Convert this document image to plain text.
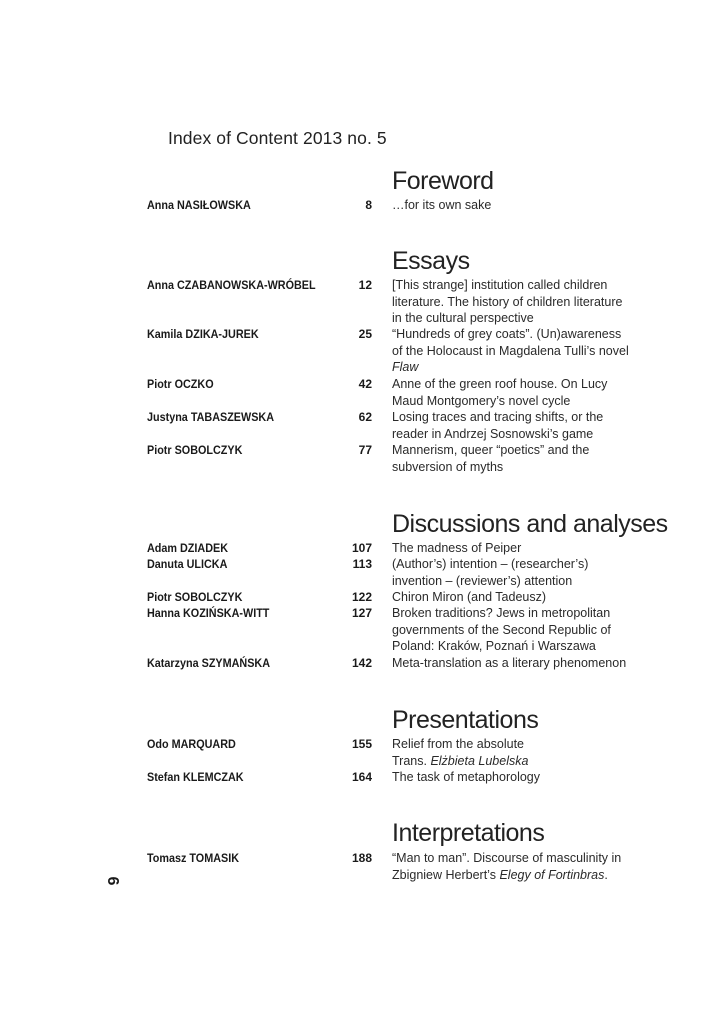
Index of Content 2013 no. 5
Foreword
Anna NASIŁOWSKA	8 …for its own sake
Essays
Anna CZABANOWSKA-WRÓBEL	12 [This strange] institution called children
literature. The history of children literature
in the cultural perspective
Kamila DZIKA-JUREK	25 “Hundreds of grey coats”. (Un)awareness
of the Holocaust in Magdalena Tulli’s novel
Flaw
Piotr OCZKO	42 Anne of the green roof house. On Lucy
Maud Montgomery’s novel cycle
Justyna TABASZEWSKA	62 Losing traces and tracing shifts, or the
reader in Andrzej Sosnowski’s game
Piotr SOBOLCZYK	77 Mannerism, queer “poetics” and the
subversion of myths
Discussions and analyses
Adam DZIADEK	107 The madness of Peiper
Danuta ULICKA	113 (Author’s) intention – (researcher’s)
invention – (reviewer’s) attention
Piotr SOBOLCZYK	122 Chiron Miron (and Tadeusz)
Hanna KOZIŃSKA-WITT	127 Broken traditions? Jews in metropolitan
governments of the Second Republic of
Poland: Kraków, Poznań i Warszawa
Katarzyna SZYMAŃSKA	142 Meta-translation as a literary phenomenon
Presentations
Odo MARQUARD	155 Relief from the absolute
Trans. Elżbieta Lubelska
Stefan KLEMCZAK	164 The task of metaphorology
Interpretations
Tomasz TOMASIK	188 “Man to man”. Discourse of masculinity in
Zbigniew Herbert’s Elegy of Fortinbras.
6
